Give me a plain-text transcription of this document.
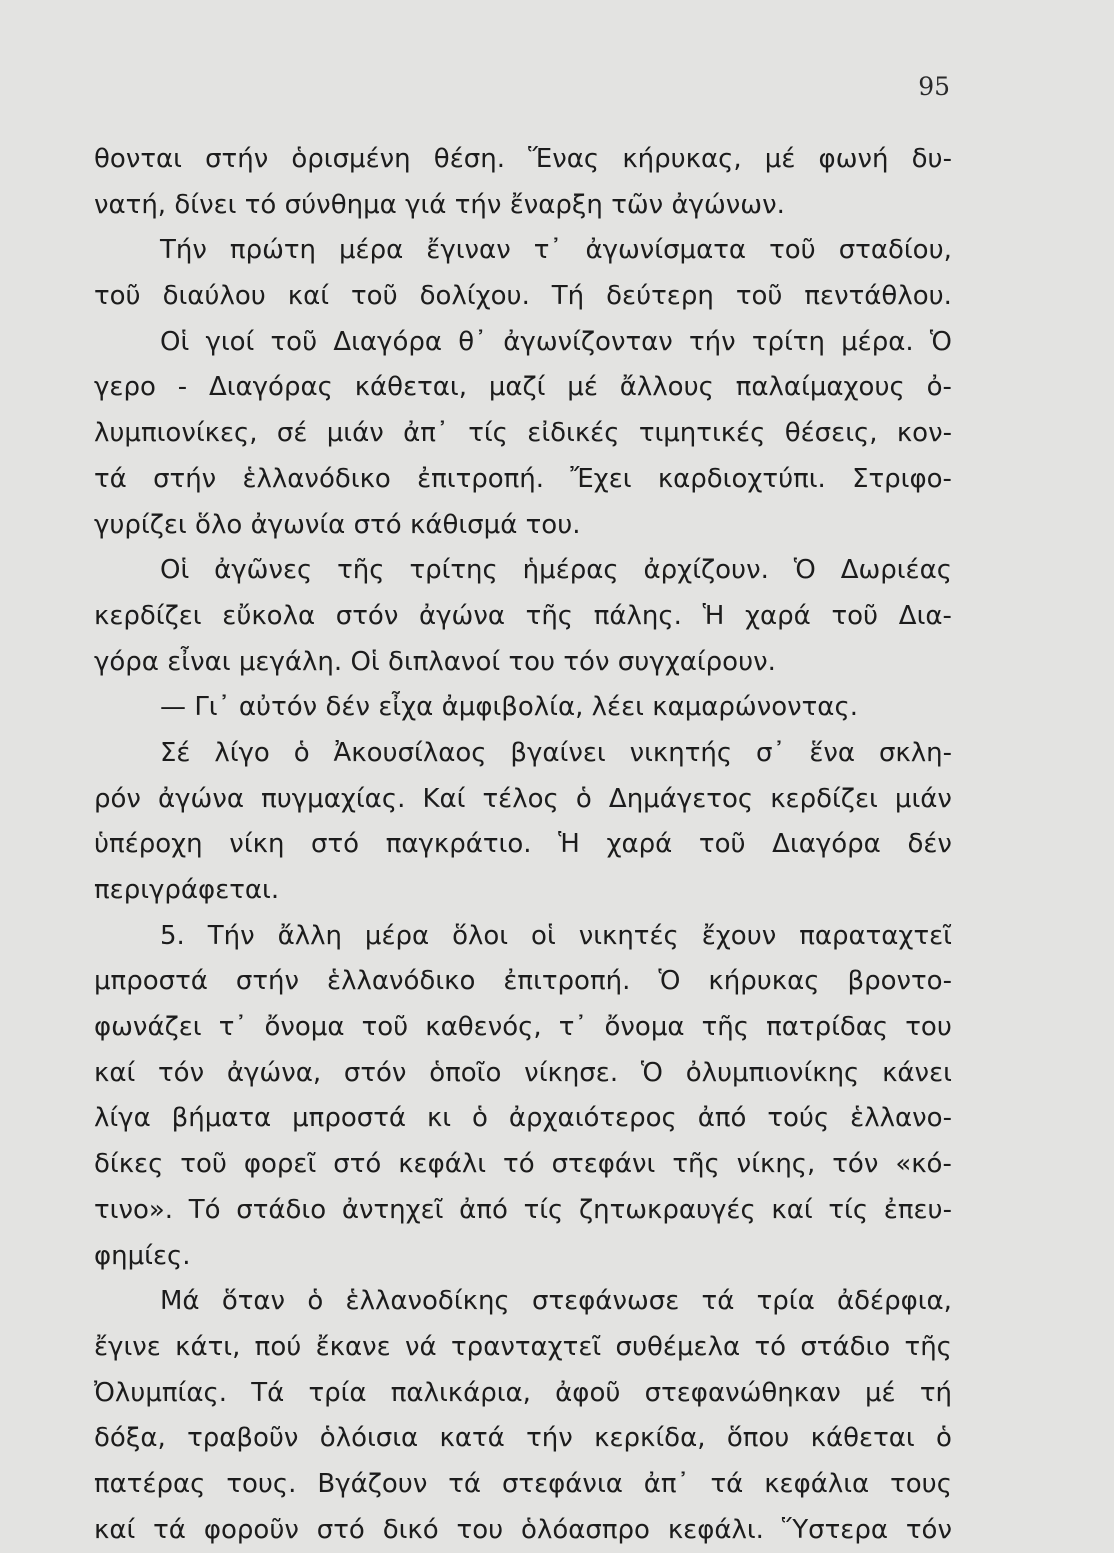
95
θονται στήν ὁρισμένη θέση. Ἕνας κήρυκας, μέ φωνή δυ-
νατή, δίνει τό σύνθημα γιά τήν ἔναρξη τῶν ἀγώνων.
Τήν πρώτη μέρα ἔγιναν τ᾽ ἀγωνίσματα τοῦ σταδίου,
τοῦ διαύλου καί τοῦ δολίχου. Τή δεύτερη τοῦ πεντάθλου.
Οἱ γιοί τοῦ Διαγόρα θ᾽ ἀγωνίζονταν τήν τρίτη μέρα. Ὁ
γερο - Διαγόρας κάθεται, μαζί μέ ἄλλους παλαίμαχους ὀ-
λυμπιονίκες, σέ μιάν ἀπ᾽ τίς εἰδικές τιμητικές θέσεις, κον-
τά στήν ἑλλανόδικο ἐπιτροπή. Ἔχει καρδιοχτύπι. Στριφο-
γυρίζει ὅλο ἀγωνία στό κάθισμά του.
Οἱ ἀγῶνες τῆς τρίτης ἡμέρας ἀρχίζουν. Ὁ Δωριέας
κερδίζει εὔκολα στόν ἀγώνα τῆς πάλης. Ἡ χαρά τοῦ Δια-
γόρα εἶναι μεγάλη. Οἱ διπλανοί του τόν συγχαίρουν.
— Γι᾽ αὐτόν δέν εἶχα ἀμφιβολία, λέει καμαρώνοντας.
Σέ λίγο ὁ Ἀκουσίλαος βγαίνει νικητής σ᾽ ἕνα σκλη-
ρόν ἀγώνα πυγμαχίας. Καί τέλος ὁ Δημάγετος κερδίζει μιάν
ὑπέροχη νίκη στό παγκράτιο. Ἡ χαρά τοῦ Διαγόρα δέν
περιγράφεται.
5. Τήν ἄλλη μέρα ὅλοι οἱ νικητές ἔχουν παραταχτεῖ
μπροστά στήν ἑλλανόδικο ἐπιτροπή. Ὁ κήρυκας βροντο-
φωνάζει τ᾽ ὄνομα τοῦ καθενός, τ᾽ ὄνομα τῆς πατρίδας του
καί τόν ἀγώνα, στόν ὁποῖο νίκησε. Ὁ ὀλυμπιονίκης κάνει
λίγα βήματα μπροστά κι ὁ ἀρχαιότερος ἀπό τούς ἑλλανο-
δίκες τοῦ φορεῖ στό κεφάλι τό στεφάνι τῆς νίκης, τόν «κό-
τινο». Τό στάδιο ἀντηχεῖ ἀπό τίς ζητωκραυγές καί τίς ἐπευ-
φημίες.
Μά ὅταν ὁ ἑλλανοδίκης στεφάνωσε τά τρία ἀδέρφια,
ἔγινε κάτι, πού ἔκανε νά τρανταχτεῖ συθέμελα τό στάδιο τῆς
Ὀλυμπίας. Τά τρία παλικάρια, ἀφοῦ στεφανώθηκαν μέ τή
δόξα, τραβοῦν ὁλόισια κατά τήν κερκίδα, ὅπου κάθεται ὁ
πατέρας τους. Βγάζουν τά στεφάνια ἀπ᾽ τά κεφάλια τους
καί τά φοροῦν στό δικό του ὁλόασπρο κεφάλι. Ὕστερα τόν
